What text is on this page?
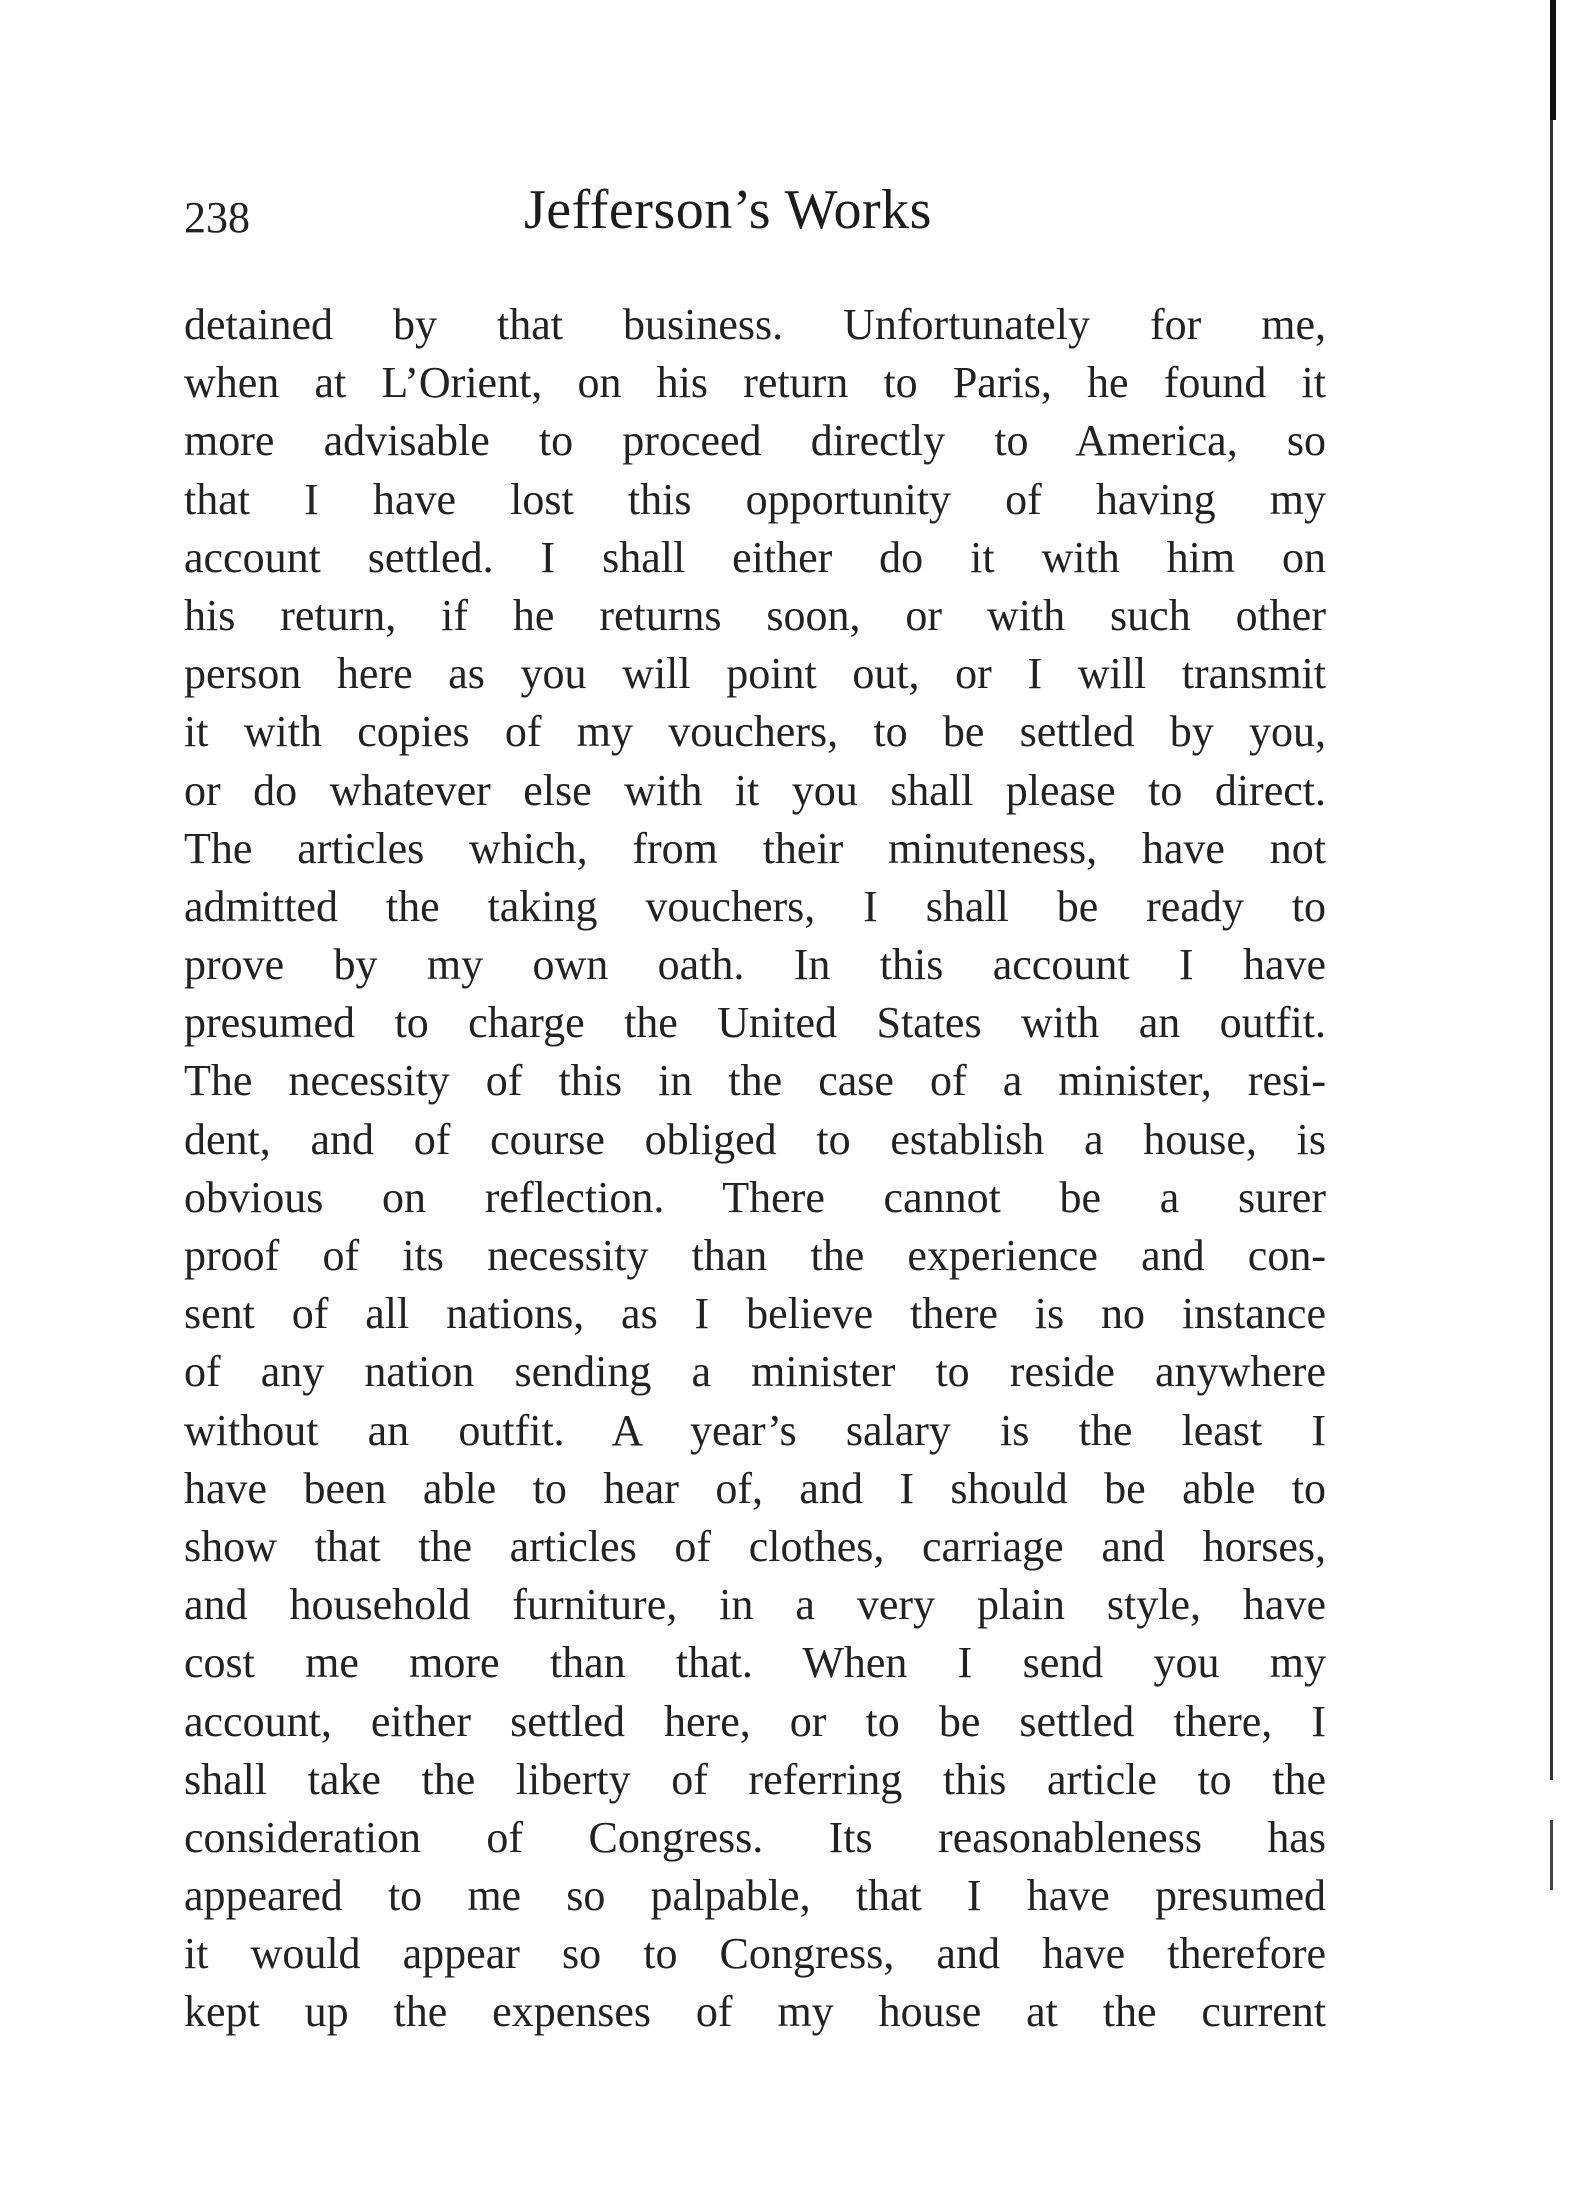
238	Jefferson’s Works
detained by that business. Unfortunately for me,
when at L’Orient, on his return to Paris, he found it
more advisable to proceed directly to America, so
that I have lost this opportunity of having my
account settled. I shall either do it with him on
his return, if he returns soon, or with such other
person here as you will point out, or I will transmit
it with copies of my vouchers, to be settled by you,
or do whatever else with it you shall please to direct.
The articles which, from their minuteness, have not
admitted the taking vouchers, I shall be ready to
prove by my own oath. In this account I have
presumed to charge the United States with an outfit.
The necessity of this in the case of a minister, resi-
dent, and of course obliged to establish a house, is
obvious on reflection. There cannot be a surer
proof of its necessity than the experience and con-
sent of all nations, as I believe there is no instance
of any nation sending a minister to reside anywhere
without an outfit. A year’s salary is the least I
have been able to hear of, and I should be able to
show that the articles of clothes, carriage and horses,
and household furniture, in a very plain style, have
cost me more than that. When I send you my
account, either settled here, or to be settled there, I
shall take the liberty of referring this article to the
consideration of Congress. Its reasonableness has
appeared to me so palpable, that I have presumed
it would appear so to Congress, and have therefore
kept up the expenses of my house at the current
